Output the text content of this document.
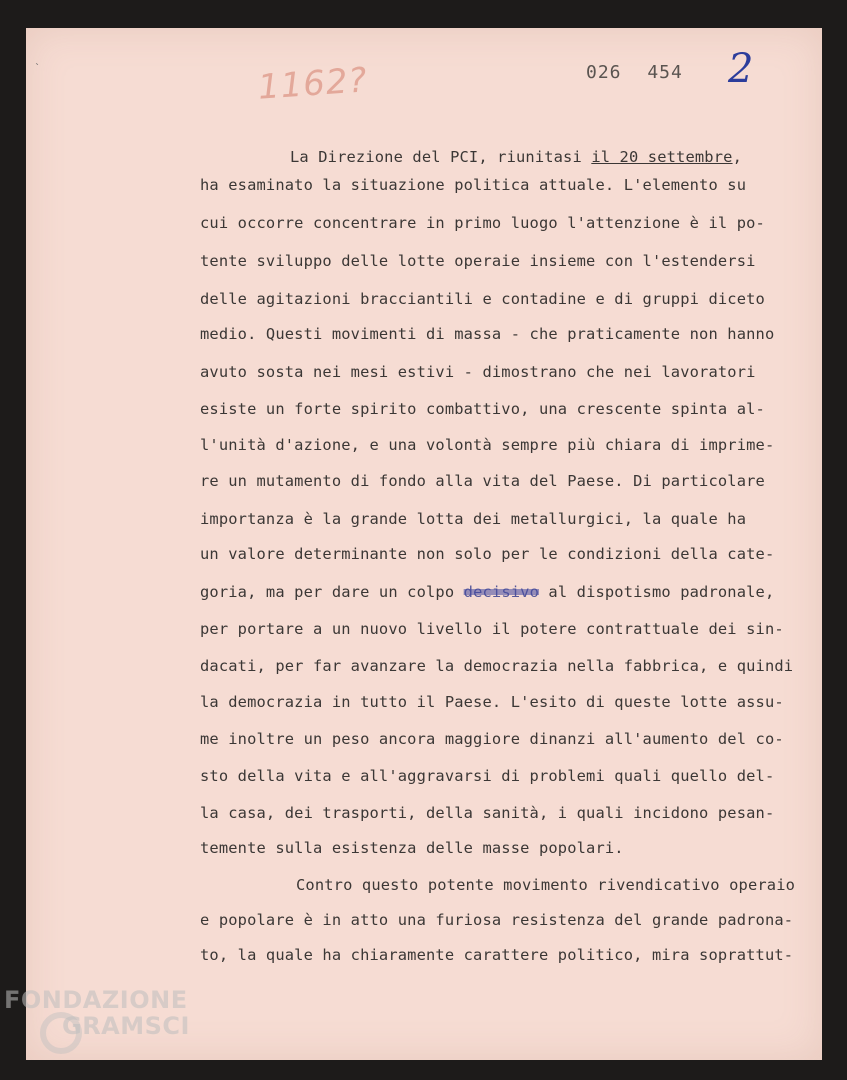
ˎ
1162?	026 454 2

La Direzione del PCI, riunitasi il 20 settembre,

ha esaminato la situazione politica attuale. L'elemento su

cui occorre concentrare in primo luogo l'attenzione è il po-

tente sviluppo delle lotte operaie insieme con l'estendersi

delle agitazioni bracciantili e contadine e di gruppi diceto

medio. Questi movimenti di massa - che praticamente non hanno

avuto sosta nei mesi estivi - dimostrano che nei lavoratori

esiste un forte spirito combattivo, una crescente spinta al-

l'unità d'azione, e una volontà sempre più chiara di imprime-

re un mutamento di fondo alla vita del Paese. Di particolare

importanza è la grande lotta dei metallurgici, la quale ha

un valore determinante non solo per le condizioni della cate-

goria, ma per dare un colpo decisivo al dispotismo padronale,

per portare a un nuovo livello il potere contrattuale dei sin-

dacati, per far avanzare la democrazia nella fabbrica, e quindi

la democrazia in tutto il Paese. L'esito di queste lotte assu-

me inoltre un peso ancora maggiore dinanzi all'aumento del co-

sto della vita e all'aggravarsi di problemi quali quello del-

la casa, dei trasporti, della sanità, i quali incidono pesan-

temente sulla esistenza delle masse popolari.

Contro questo potente movimento rivendicativo operaio

e popolare è in atto una furiosa resistenza del grande padrona-

to, la quale ha chiaramente carattere politico, mira soprattut-

FONDAZIONE
GRAMSCI
